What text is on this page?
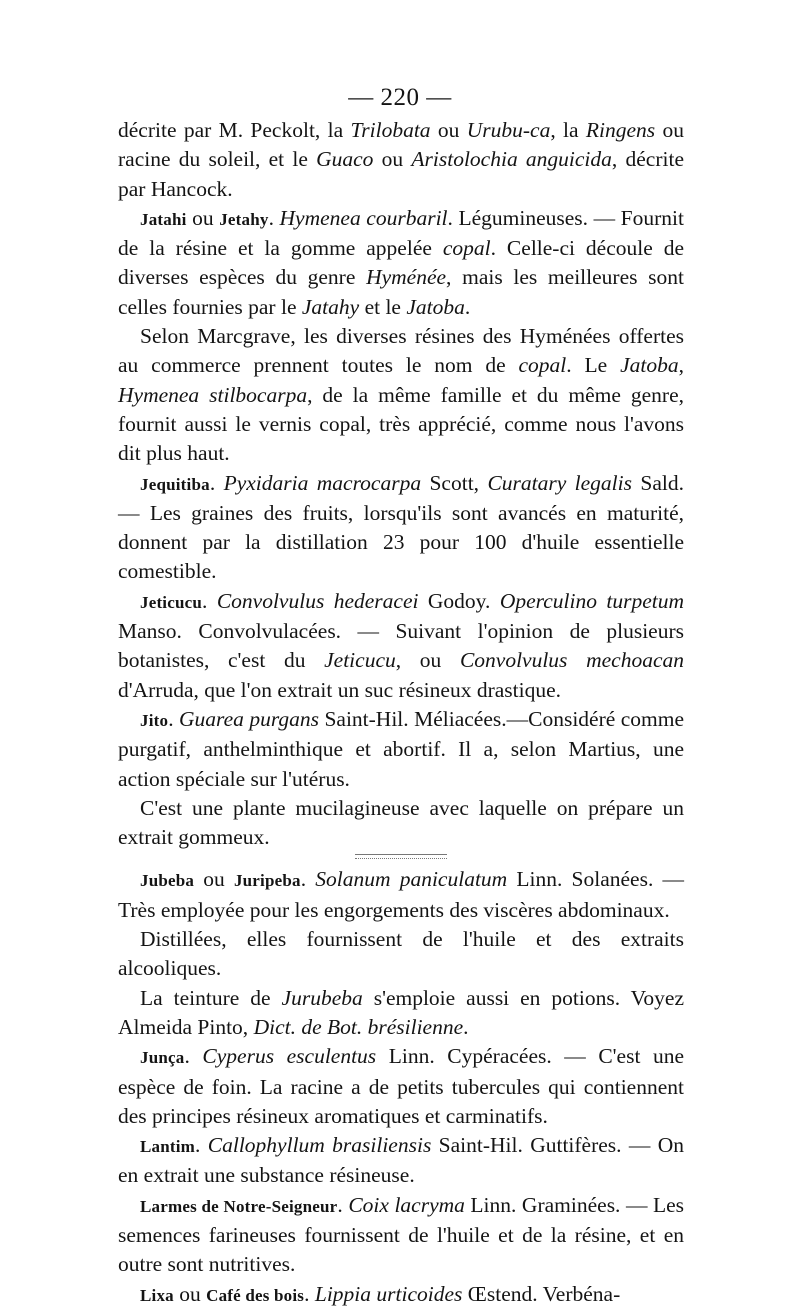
— 220 —

décrite par M. Peckolt, la Trilobata ou Urubu-ca, la Ringens ou racine du soleil, et le Guaco ou Aristolochia anguicida, décrite par Hancock.

Jatahi ou Jetahy. Hymenea courbaril. Légumineuses. — Fournit de la résine et la gomme appelée copal. Celle-ci découle de diverses espèces du genre Hyménée, mais les meilleures sont celles fournies par le Jatahy et le Jatoba.

Selon Marcgrave, les diverses résines des Hyménées offertes au commerce prennent toutes le nom de copal. Le Jatoba, Hymenea stilbocarpa, de la même famille et du même genre, fournit aussi le vernis copal, très apprécié, comme nous l'avons dit plus haut.

Jequitiba. Pyxidaria macrocarpa Scott, Curatary legalis Sald. — Les graines des fruits, lorsqu'ils sont avancés en maturité, donnent par la distillation 23 pour 100 d'huile essentielle comestible.

Jeticucu. Convolvulus hederacei Godoy. Operculino turpetum Manso. Convolvulacées. — Suivant l'opinion de plusieurs botanistes, c'est du Jeticucu, ou Convolvulus mechoacan d'Arruda, que l'on extrait un suc résineux drastique.

Jito. Guarea purgans Saint-Hil. Méliacées.—Considéré comme purgatif, anthelminthique et abortif. Il a, selon Martius, une action spéciale sur l'utérus.

C'est une plante mucilagineuse avec laquelle on prépare un extrait gommeux.

Jubeba ou Juripeba. Solanum paniculatum Linn. Solanées. — Très employée pour les engorgements des viscères abdominaux.

Distillées, elles fournissent de l'huile et des extraits alcooliques.

La teinture de Jurubeba s'emploie aussi en potions. Voyez Almeida Pinto, Dict. de Bot. brésilienne.

Junça. Cyperus esculentus Linn. Cypéracées. — C'est une espèce de foin. La racine a de petits tubercules qui contiennent des principes résineux aromatiques et carminatifs.

Lantim. Callophyllum brasiliensis Saint-Hil. Guttifères. — On en extrait une substance résineuse.

Larmes de Notre-Seigneur. Coix lacryma Linn. Graminées. — Les semences farineuses fournissent de l'huile et de la résine, et en outre sont nutritives.

Lixa ou Café des bois. Lippia urticoides Œstend. Verbéna-
